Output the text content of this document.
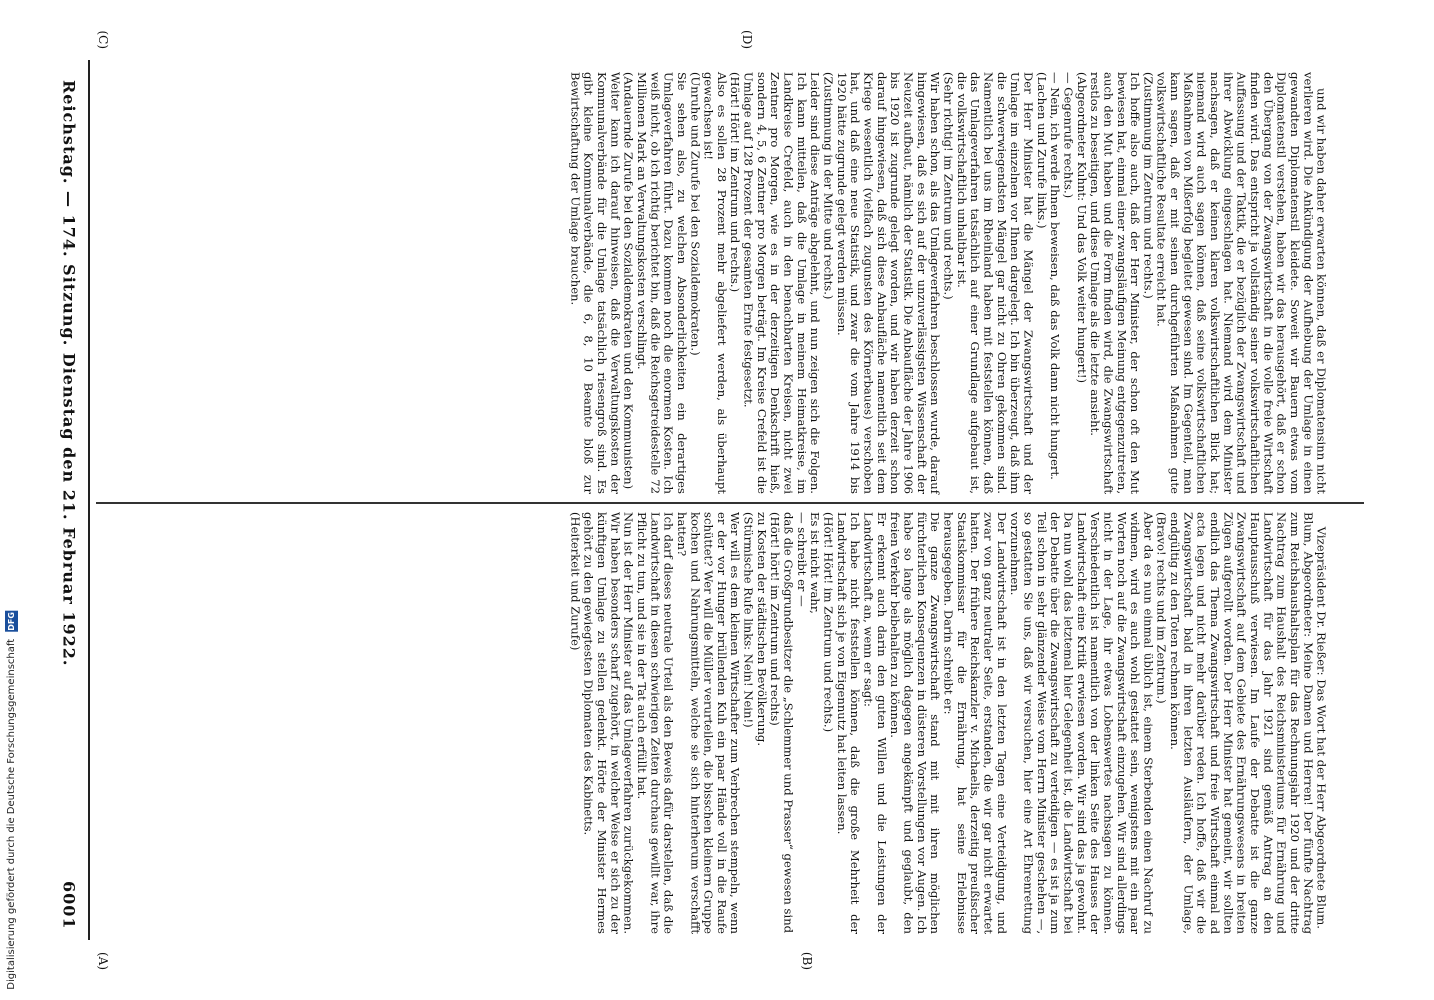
Digitalisierung gefördert durch die Deutsche Forschungsgemeinschaft DFG	Reichstag. — 174. Sitzung. Dienstag den 21. Februar 1922.
6001

Vizepräsident Dr. Rießer: Das Wort hat der Herr Abgeordnete Blum.
Blum, Abgeordneter: Meine Damen und Herren! Der fünfte Nachtrag zum Reichshaushaltsplan für das Rechnungsjahr 1920 und der dritte Nachtrag zum Haushalt des Reichsministeriums für Ernährung und Landwirtschaft für das Jahr 1921 sind gemäß Antrag an den Hauptausschuß verwiesen. Im Laufe der Debatte ist die ganze Zwangswirtschaft auf dem Gebiete des Ernährungswesens in breiten Zügen aufgerollt worden. Der Herr Minister hat gemeint, wir sollten endlich das Thema Zwangswirtschaft und freie Wirtschaft einmal ad acta legen und nicht mehr darüber reden. Ich hoffe, daß wir die Zwangswirtschaft bald in ihren letzten Ausläufern, der Umlage, endgültig zu den Toten rechnen können.
(Bravo! rechts und im Zentrum.)
Aber da es nun einmal üblich ist, einem Sterbenden einen Nachruf zu widmen, wird es auch wohl gestattet sein, wenigstens mit ein paar Worten noch auf die Zwangswirtschaft einzugehen. Wir sind allerdings nicht in der Lage, ihr etwas Lobenswertes nachsagen zu können. Verschiedentlich ist namentlich von der linken Seite des Hauses der Landwirtschaft eine Kritik erwiesen worden. Wir sind das ja gewohnt. Da nun wohl das letztemal hier Gelegenheit ist, die Landwirtschaft bei der Debatte über die Zwangswirtschaft zu verteidigen — es ist ja zum Teil schon in sehr glänzender Weise vom Herrn Minister geschehen —, so gestatten Sie uns, daß wir versuchen, hier eine Art Ehrenrettung vorzunehmen.
Der Landwirtschaft ist in den letzten Tagen eine Verteidigung, und zwar von ganz neutraler Seite, erstanden, die wir gar nicht erwartet hatten. Der frühere Reichskanzler v. Michaelis, derzeitig preußischer Staatskommissar für die Ernährung, hat seine Erlebnisse herausgegeben. Darin schreibt er:
Die ganze Zwangswirtschaft stand mit mit ihren möglichen fürchterlichen Konsequenzen in düsteren Vorstellungen vor Augen. Ich habe so lange als möglich dagegen angekämpft und geglaubt, den freien Verkehr beibehalten zu können.
Er erkennt auch darin den guten Willen und die Leistungen der Landwirtschaft an, wenn er sagt:
Ich habe nicht feststellen können, daß die große Mehrheit der Landwirtschaft sich je von Eigennutz hat leiten lassen.
(Hört! Hört! im Zentrum und rechts.)
Es ist nicht wahr,
— schreibt er —
daß die Großgrundbesitzer die „Schlemmer und Prasser“ gewesen sind
(Hört! hört! im Zentrum und rechts)
zu Kosten der städtischen Bevölkerung.
(Stürmische Rufe links: Nein! Nein!)
Wer will es dem kleinen Wirtschafter zum Verbrechen stempeln, wenn er der vor Hunger brüllenden Kuh ein paar Hände voll in die Raufe schüttet? Wer will die Müller verurteilen, die bisschen kleinern Gruppe kochen und Nahrungsmitteln, welche sie sich hinterherum verschafft hatten?
Ich darf dieses neutrale Urteil als den Beweis dafür darstellen, daß die Landwirtschaft in diesen schwierigen Zeiten durchaus gewillt war, ihre Pflicht zu tun, und sie in der Tat auch erfüllt hat.
Nun ist der Herr Minister auf das Umlageverfahren zurückgekommen. Wir haben besonders scharf zugehört, in welcher Weise er sich zu der künftigen Umlage zu stellen gedenkt. Hörte der Minister Hermes gehört zu den gewiegtesten Diplomaten des Kabinetts.
(Heiterkeit und Zurufe)

und wir haben daher erwarten können, daß er Diplomatensinn nicht verlieren wird. Die Ankündigung der Aufhebung der Umlage in einen gewandten Diplomatenstil kleidete. Soweit wir Bauern etwas vom Diplomatenstil verstehen, haben wir das herausgehört, daß er schon den Übergang von der Zwangswirtschaft in die volle freie Wirtschaft finden wird. Das entspricht ja vollständig seiner volkswirtschaftlichen Auffassung und der Taktik, die er bezüglich der Zwangswirtschaft und ihrer Abwicklung eingeschlagen hat. Niemand wird dem Minister nachsagen, daß er keinen klaren volkswirtschaftlichen Blick hat; niemand wird auch sagen können, daß seine volkswirtschaftlichen Maßnahmen von Mißerfolg begleitet gewesen sind. Im Gegenteil, man kann sagen, daß er mit seinen durchgeführten Maßnahmen gute volkswirtschaftliche Resultate erreicht hat.
(Zustimmung im Zentrum und rechts.)
Ich hoffe also auch, daß der Herr Minister, der schon oft den Mut bewiesen hat, einmal einer zwangsläufigen Meinung entgegenzutreten, auch den Mut haben und die Form finden wird, die Zwangswirtschaft restlos zu beseitigen, und diese Umlage als die letzte ansieht.
(Abgeordneter Kuhnt: Und das Volk weiter hungert!)
— Gegenrufe rechts.)
— Nein, ich werde Ihnen beweisen, daß das Volk dann nicht hungert.
(Lachen und Zurufe links.)
Der Herr Minister hat die Mängel der Zwangswirtschaft und der Umlage im einzelnen vor Ihnen dargelegt. Ich bin überzeugt, daß ihm die schwerwiegendsten Mängel gar nicht zu Ohren gekommen sind. Namentlich bei uns im Rheinland haben mit feststellen können, daß das Umlageverfahren tatsächlich auf einer Grundlage aufgebaut ist, die volkswirtschaftlich unhaltbar ist.
(Sehr richtig! im Zentrum und rechts.)
Wir haben schon, als das Umlageverfahren beschlossen wurde, darauf hingewiesen, daß es sich auf der unzuverlässigsten Wissenschaft der Neuzeit aufbaut, nämlich der Statistik. Die Anbaufläche der Jahre 1906 bis 1920 ist zugrunde gelegt worden, und wir haben derzeit schon darauf hingewiesen, daß sich diese Anbaufläche namentlich seit dem Kriege wesentlich (vielfach zugunsten des Körnerbaues) verschoben hat, und daß eine neue Statistik, und zwar die vom Jahre 1914 bis 1920 hätte zugrunde gelegt werden müssen.
(Zustimmung in der Mitte und rechts.)
Leider sind diese Anträge abgelehnt, und nun zeigen sich die Folgen. Ich kann mitteilen, daß die Umlage in meinem Heimatkreise, im Landkreise Crefeld, auch in den benachbarten Kreisen, nicht zwei Zentner pro Morgen, wie es in der derzeitigen Denkschrift hieß, sondern 4, 5, 6 Zentner pro Morgen beträgt. Im Kreise Crefeld ist die Umlage auf 128 Prozent der gesamten Ernte festgesetzt.
(Hört! Hört! im Zentrum und rechts.)
Also es sollen 28 Prozent mehr abgeliefert werden, als überhaupt gewachsen ist!
(Unruhe und Zurufe bei den Sozialdemokraten.)
Sie sehen also, zu welchen Absonderlichkeiten ein derartiges Umlageverfahren führt. Dazu kommen noch die enormen Kosten. Ich weiß nicht, ob ich richtig berichtet bin, daß die Reichsgetreidestelle 72 Millionen Mark an Verwaltungskosten verschlingt.
(Andauernde Zurufe bei den Sozialdemokraten und den Kommunisten)
Weiter kann ich darauf hinweisen, daß die Verwaltungskosten der Kommunalverbände für die Umlage tatsächlich riesengroß sind. Es gibt kleine Kommunalverbände, die 6, 8, 10 Beamte bloß zur Bewirtschaftung der Umlage brauchen.

(A)	(B)
(C)	(D)
